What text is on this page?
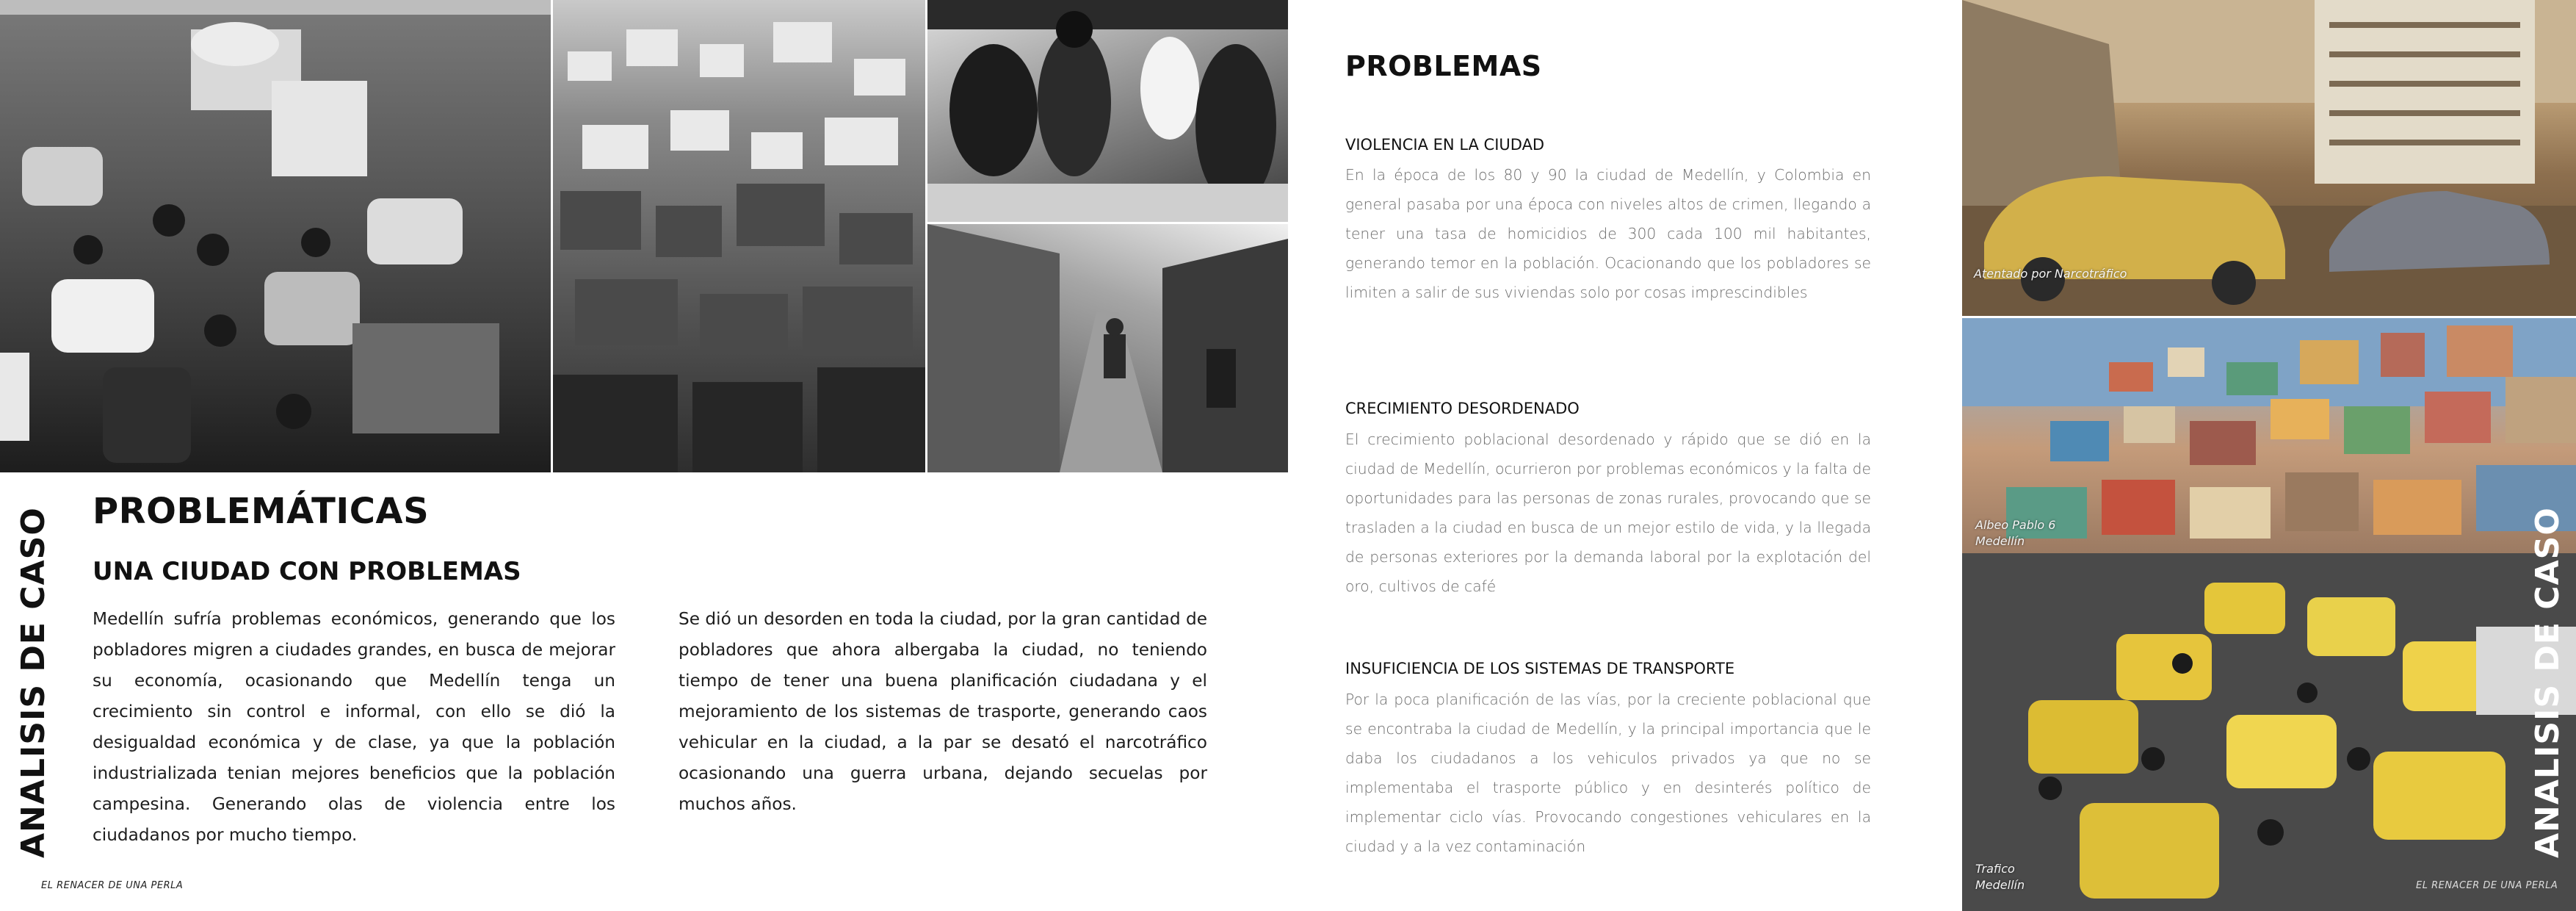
ANALISIS DE CASO PROBLEMÁTICAS
UNA CIUDAD CON PROBLEMAS
Medellín sufría problemas económicos, generando que los pobladores migren a ciudades grandes, en busca de mejorar su economía, ocasionando que Medellín tenga un crecimiento sin control e informal, con ello se dió la desigualdad económica y de clase, ya que la población industrializada tenian mejores beneficios que la población campesina. Generando olas de violencia entre los ciudadanos por mucho tiempo.
Se dió un desorden en toda la ciudad, por la gran cantidad de pobladores que ahora albergaba la ciudad, no teniendo tiempo de tener una buena planificación ciudadana y el mejoramiento de los sistemas de trasporte, generando caos vehicular en la ciudad, a la par se desató el narcotráfico ocasionando una guerra urbana, dejando secuelas por muchos años.
EL RENACER DE UNA PERLA
PROBLEMAS
VIOLENCIA EN LA CIUDAD
En la época de los 80 y 90 la ciudad de Medellín, y Colombia en general pasaba por una época con niveles altos de crimen, llegando a tener una tasa de homicidios de 300 cada 100 mil habitantes, generando temor en la población. Ocacionando que los pobladores se limiten a salir de sus viviendas solo por cosas imprescindibles
CRECIMIENTO DESORDENADO
El crecimiento poblacional desordenado y rápido que se dió en la ciudad de Medellín, ocurrieron por problemas económicos y la falta de oportunidades para las personas de zonas rurales, provocando que se trasladen a la ciudad en busca de un mejor estilo de vida, y la llegada de personas exteriores por la demanda laboral por la explotación del oro, cultivos de café
INSUFICIENCIA DE LOS SISTEMAS DE TRANSPORTE
Por la poca planificación de las vías, por la creciente poblacional que se encontraba la ciudad de Medellín, y la principal importancia que le daba los ciudadanos a los vehiculos privados ya que no se implementaba el trasporte público y en desinterés político de implementar ciclo vías. Provocando congestiones vehiculares en la ciudad y a la vez contaminación
Atentado por Narcotráfico
Albeo Pablo 6
Medellín
Trafico
Medellín
ANALISIS DE CASO
EL RENACER DE UNA PERLA
